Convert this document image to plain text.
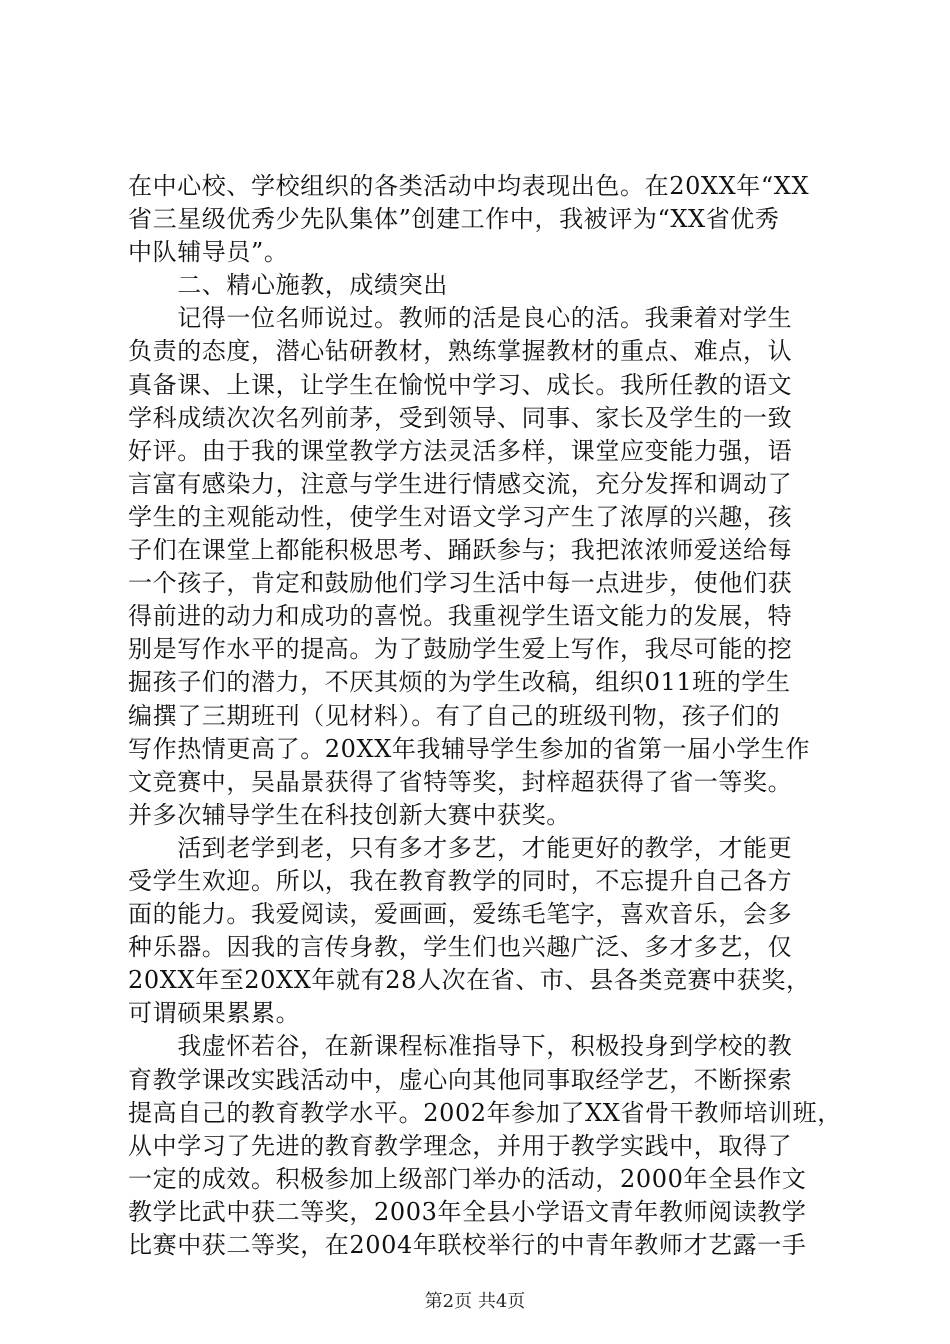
在中心校、学校组织的各类活动中均表现出色。在20XX年“XX
省三星级优秀少先队集体”创建工作中，我被评为“XX省优秀
中队辅导员”。
　　二、精心施教，成绩突出
　　记得一位名师说过。教师的活是良心的活。我秉着对学生
负责的态度，潜心钻研教材，熟练掌握教材的重点、难点，认
真备课、上课，让学生在愉悦中学习、成长。我所任教的语文
学科成绩次次名列前茅，受到领导、同事、家长及学生的一致
好评。由于我的课堂教学方法灵活多样，课堂应变能力强，语
言富有感染力，注意与学生进行情感交流，充分发挥和调动了
学生的主观能动性，使学生对语文学习产生了浓厚的兴趣，孩
子们在课堂上都能积极思考、踊跃参与；我把浓浓师爱送给每
一个孩子，肯定和鼓励他们学习生活中每一点进步，使他们获
得前进的动力和成功的喜悦。我重视学生语文能力的发展，特
别是写作水平的提高。为了鼓励学生爱上写作，我尽可能的挖
掘孩子们的潜力，不厌其烦的为学生改稿，组织011班的学生
编撰了三期班刊（见材料）。有了自己的班级刊物，孩子们的
写作热情更高了。20XX年我辅导学生参加的省第一届小学生作
文竞赛中，吴晶景获得了省特等奖，封梓超获得了省一等奖。
并多次辅导学生在科技创新大赛中获奖。
　　活到老学到老，只有多才多艺，才能更好的教学，才能更
受学生欢迎。所以，我在教育教学的同时，不忘提升自己各方
面的能力。我爱阅读，爱画画，爱练毛笔字，喜欢音乐，会多
种乐器。因我的言传身教，学生们也兴趣广泛、多才多艺，仅
20XX年至20XX年就有28人次在省、市、县各类竞赛中获奖，
可谓硕果累累。
　　我虚怀若谷，在新课程标准指导下，积极投身到学校的教
育教学课改实践活动中，虚心向其他同事取经学艺，不断探索
提高自己的教育教学水平。2002年参加了XX省骨干教师培训班，
从中学习了先进的教育教学理念，并用于教学实践中，取得了
一定的成效。积极参加上级部门举办的活动，2000年全县作文
教学比武中获二等奖，2003年全县小学语文青年教师阅读教学
比赛中获二等奖，在2004年联校举行的中青年教师才艺露一手
第2页 共4页
